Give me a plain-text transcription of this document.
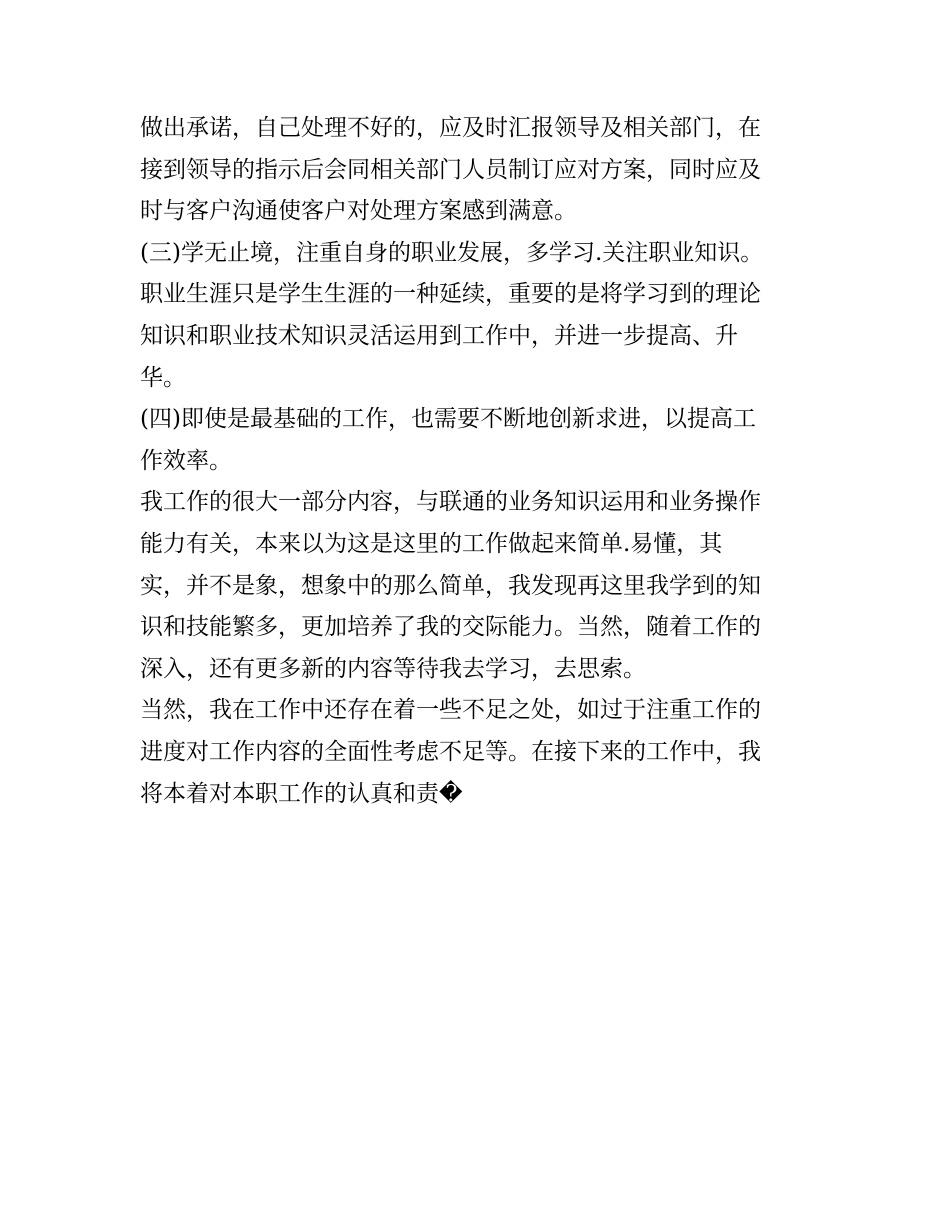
做出承诺，自己处理不好的，应及时汇报领导及相关部门，在
接到领导的指示后会同相关部门人员制订应对方案，同时应及
时与客户沟通使客户对处理方案感到满意。
(三)学无止境，注重自身的职业发展，多学习.关注职业知识。
职业生涯只是学生生涯的一种延续，重要的是将学习到的理论
知识和职业技术知识灵活运用到工作中，并进一步提高、升
华。
(四)即使是最基础的工作，也需要不断地创新求进，以提高工
作效率。
我工作的很大一部分内容，与联通的业务知识运用和业务操作
能力有关，本来以为这是这里的工作做起来简单.易懂，其
实，并不是象，想象中的那么简单，我发现再这里我学到的知
识和技能繁多，更加培养了我的交际能力。当然，随着工作的
深入，还有更多新的内容等待我去学习，去思索。
当然，我在工作中还存在着一些不足之处，如过于注重工作的
进度对工作内容的全面性考虑不足等。在接下来的工作中，我
将本着对本职工作的认真和责�
